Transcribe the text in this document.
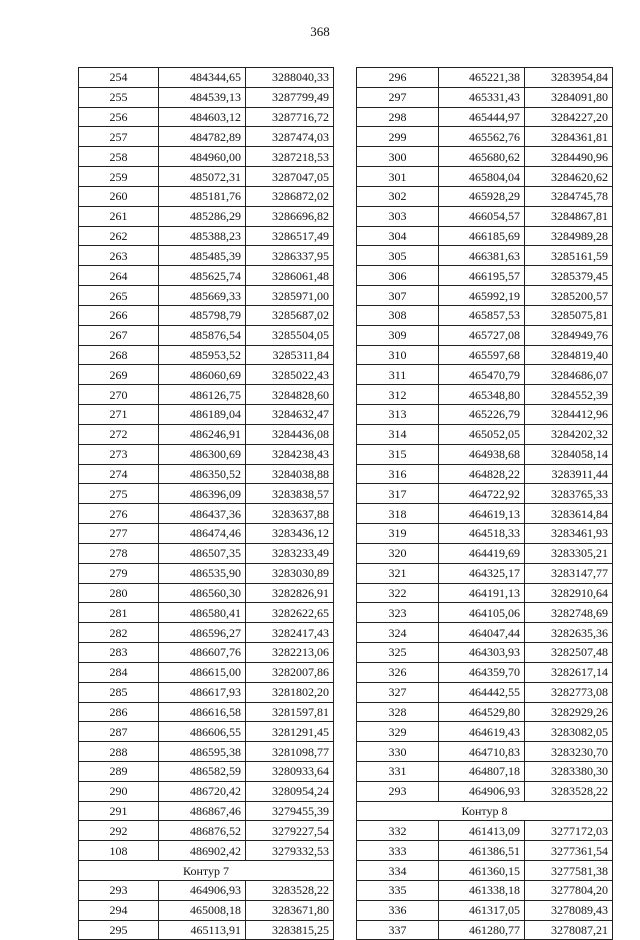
368
254	484344,65	3288040,33
255	484539,13	3287799,49
256	484603,12	3287716,72
257	484782,89	3287474,03
258	484960,00	3287218,53
259	485072,31	3287047,05
260	485181,76	3286872,02
261	485286,29	3286696,82
262	485388,23	3286517,49
263	485485,39	3286337,95
264	485625,74	3286061,48
265	485669,33	3285971,00
266	485798,79	3285687,02
267	485876,54	3285504,05
268	485953,52	3285311,84
269	486060,69	3285022,43
270	486126,75	3284828,60
271	486189,04	3284632,47
272	486246,91	3284436,08
273	486300,69	3284238,43
274	486350,52	3284038,88
275	486396,09	3283838,57
276	486437,36	3283637,88
277	486474,46	3283436,12
278	486507,35	3283233,49
279	486535,90	3283030,89
280	486560,30	3282826,91
281	486580,41	3282622,65
282	486596,27	3282417,43
283	486607,76	3282213,06
284	486615,00	3282007,86
285	486617,93	3281802,20
286	486616,58	3281597,81
287	486606,55	3281291,45
288	486595,38	3281098,77
289	486582,59	3280933,64
290	486720,42	3280954,24
291	486867,46	3279455,39
292	486876,52	3279227,54
108	486902,42	3279332,53
Контур 7		
293	464906,93	3283528,22
294	465008,18	3283671,80
295	465113,91	3283815,25
296	465221,38	3283954,84
297	465331,43	3284091,80
298	465444,97	3284227,20
299	465562,76	3284361,81
300	465680,62	3284490,96
301	465804,04	3284620,62
302	465928,29	3284745,78
303	466054,57	3284867,81
304	466185,69	3284989,28
305	466381,63	3285161,59
306	466195,57	3285379,45
307	465992,19	3285200,57
308	465857,53	3285075,81
309	465727,08	3284949,76
310	465597,68	3284819,40
311	465470,79	3284686,07
312	465348,80	3284552,39
313	465226,79	3284412,96
314	465052,05	3284202,32
315	464938,68	3284058,14
316	464828,22	3283911,44
317	464722,92	3283765,33
318	464619,13	3283614,84
319	464518,33	3283461,93
320	464419,69	3283305,21
321	464325,17	3283147,77
322	464191,13	3282910,64
323	464105,06	3282748,69
324	464047,44	3282635,36
325	464303,93	3282507,48
326	464359,70	3282617,14
327	464442,55	3282773,08
328	464529,80	3282929,26
329	464619,43	3283082,05
330	464710,83	3283230,70
331	464807,18	3283380,30
293	464906,93	3283528,22
Контур 8		
332	461413,09	3277172,03
333	461386,51	3277361,54
334	461360,15	3277581,38
335	461338,18	3277804,20
336	461317,05	3278089,43
337	461280,77	3278087,21
